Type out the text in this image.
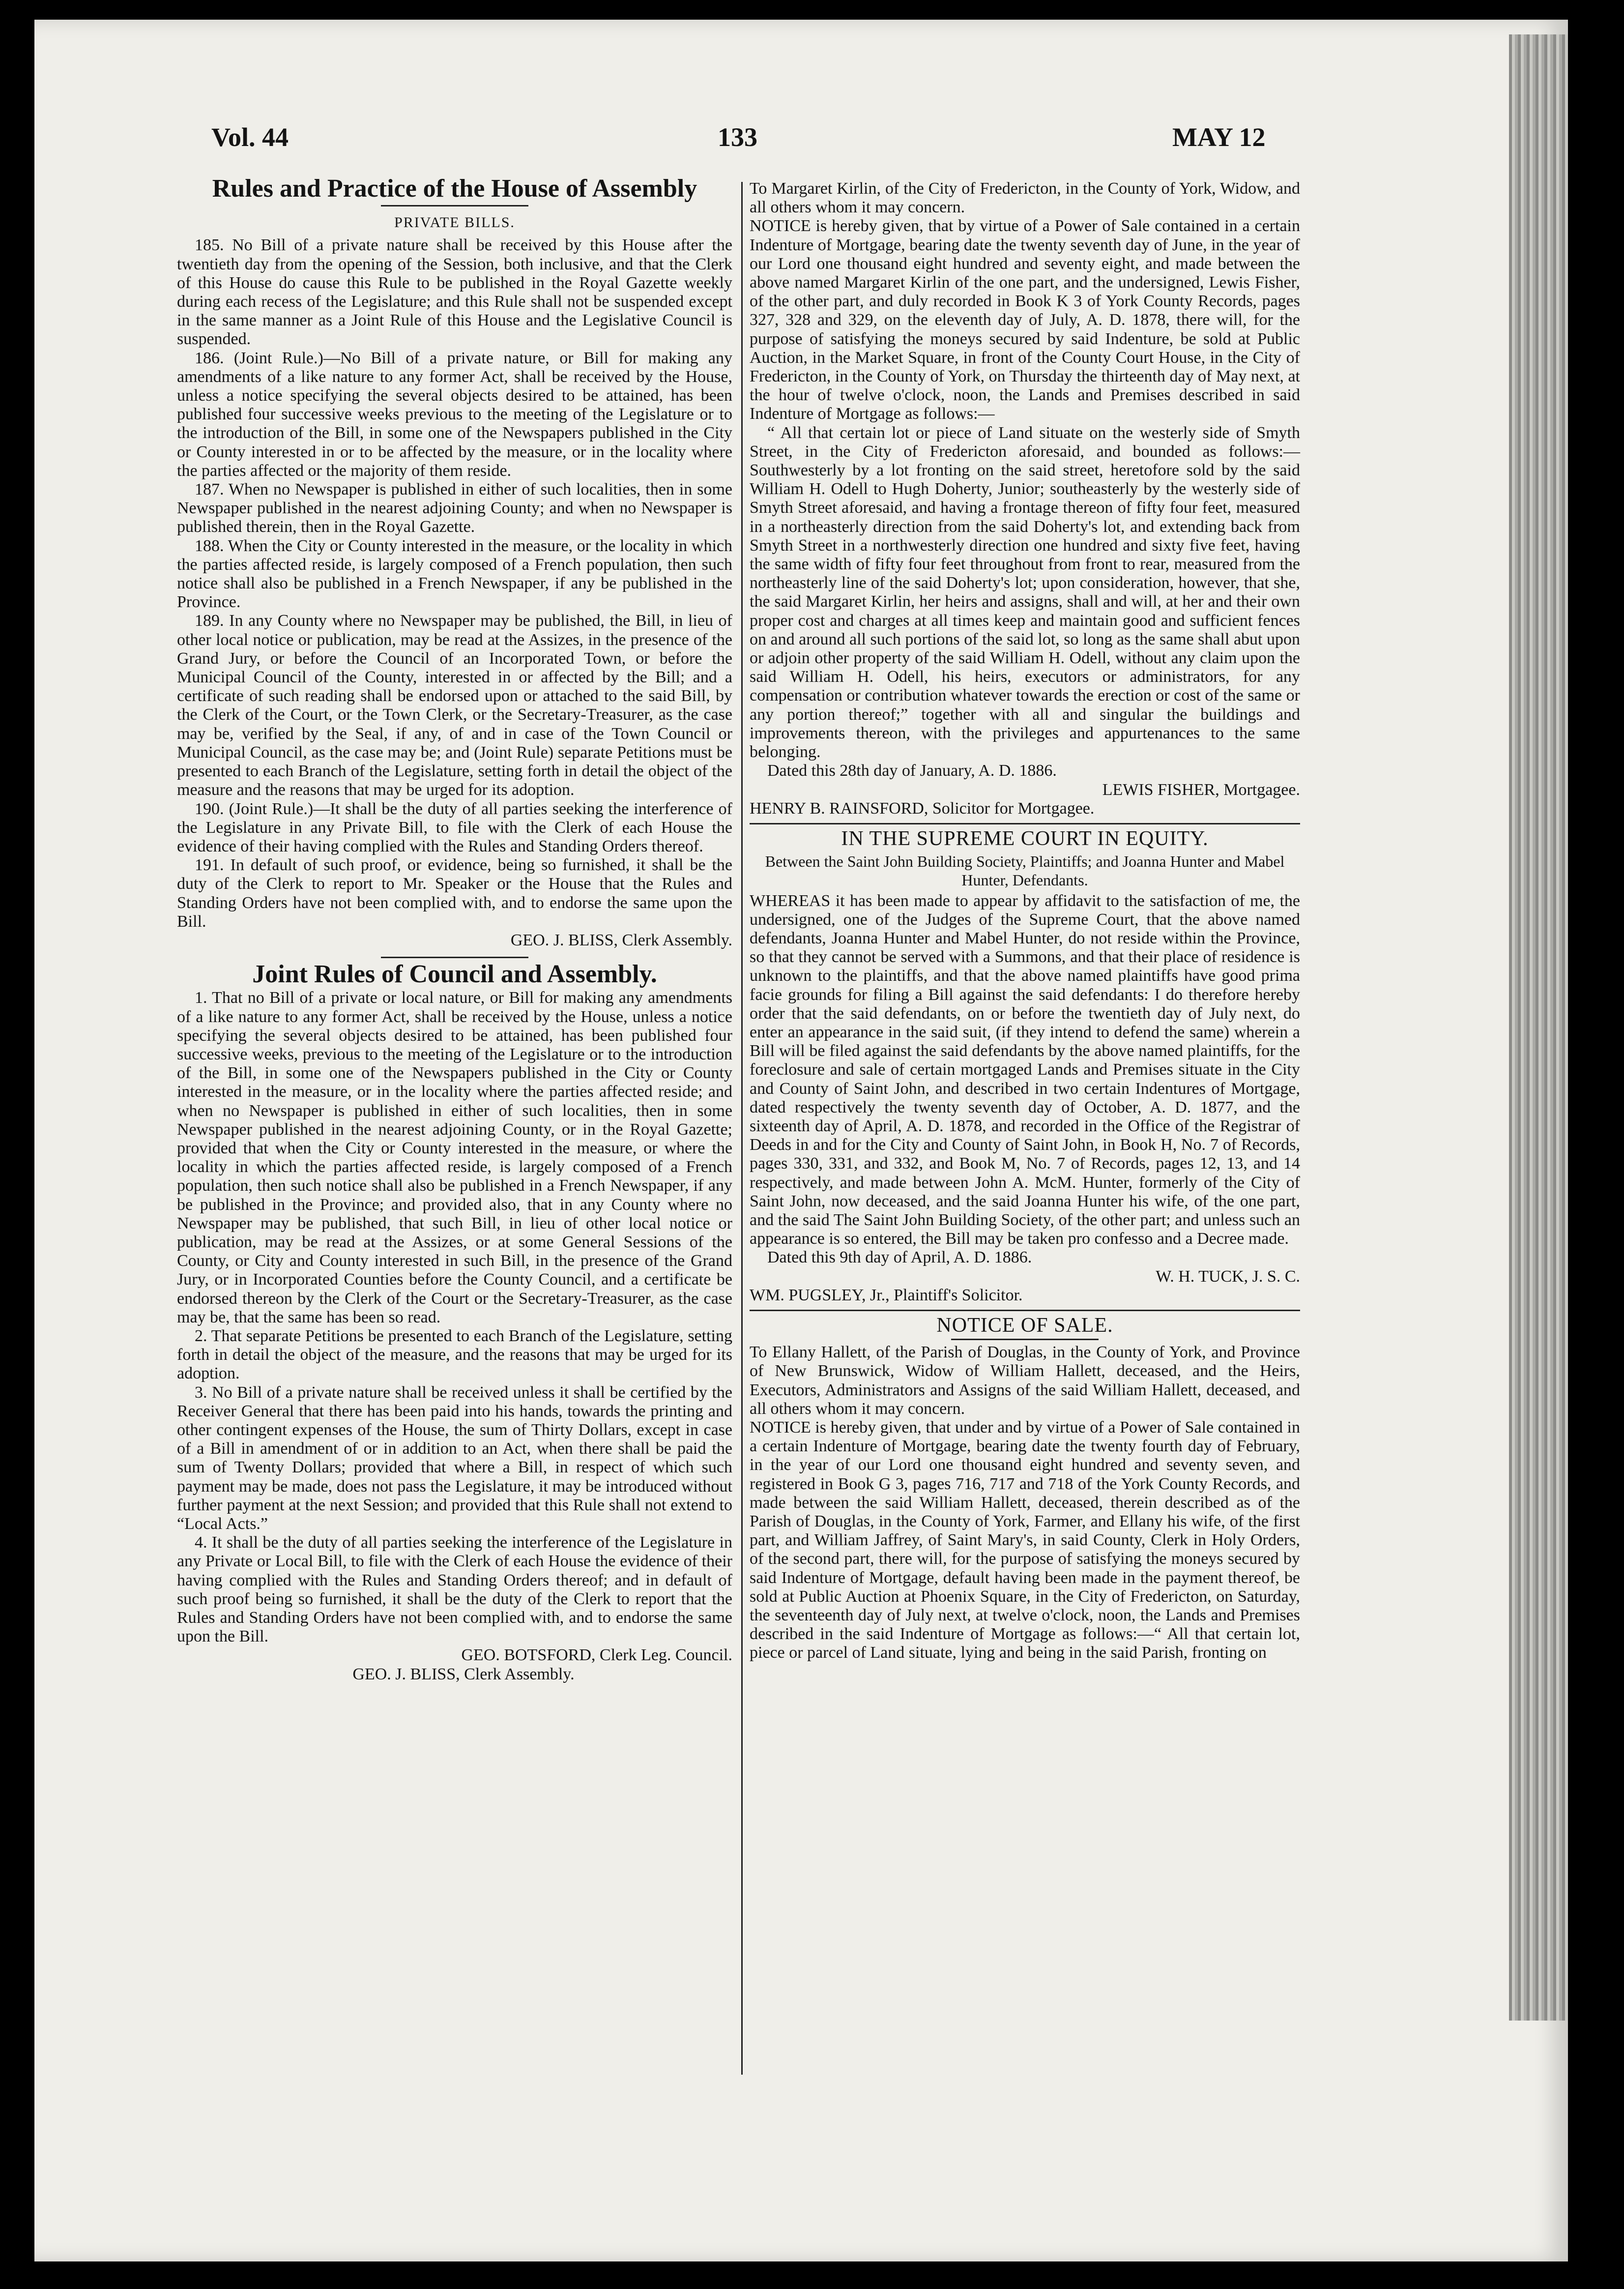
Vol. 44	133	MAY 12
Rules and Practice of the House of Assembly
PRIVATE BILLS.

185. No Bill of a private nature shall be received by this House after the twentieth day from the opening of the Session, both inclusive, and that the Clerk of this House do cause this Rule to be published in the Royal Gazette weekly during each recess of the Legislature; and this Rule shall not be suspended except in the same manner as a Joint Rule of this House and the Legislative Council is suspended.

186. (Joint Rule.)—No Bill of a private nature, or Bill for making any amendments of a like nature to any former Act, shall be received by the House, unless a notice specifying the several objects desired to be attained, has been published four successive weeks previous to the meeting of the Legislature or to the introduction of the Bill, in some one of the Newspapers published in the City or County interested in or to be affected by the measure, or in the locality where the parties affected or the majority of them reside.

187. When no Newspaper is published in either of such localities, then in some Newspaper published in the nearest adjoining County; and when no Newspaper is published therein, then in the Royal Gazette.

188. When the City or County interested in the measure, or the locality in which the parties affected reside, is largely composed of a French population, then such notice shall also be published in a French Newspaper, if any be published in the Province.

189. In any County where no Newspaper may be published, the Bill, in lieu of other local notice or publication, may be read at the Assizes, in the presence of the Grand Jury, or before the Council of an Incorporated Town, or before the Municipal Council of the County, interested in or affected by the Bill; and a certificate of such reading shall be endorsed upon or attached to the said Bill, by the Clerk of the Court, or the Town Clerk, or the Secretary-Treasurer, as the case may be, verified by the Seal, if any, of and in case of the Town Council or Municipal Council, as the case may be; and (Joint Rule) separate Petitions must be presented to each Branch of the Legislature, setting forth in detail the object of the measure and the reasons that may be urged for its adoption.

190. (Joint Rule.)—It shall be the duty of all parties seeking the interference of the Legislature in any Private Bill, to file with the Clerk of each House the evidence of their having complied with the Rules and Standing Orders thereof.

191. In default of such proof, or evidence, being so furnished, it shall be the duty of the Clerk to report to Mr. Speaker or the House that the Rules and Standing Orders have not been complied with, and to endorse the same upon the Bill.

GEO. J. BLISS, Clerk Assembly.

Joint Rules of Council and Assembly.

1. That no Bill of a private or local nature, or Bill for making any amendments of a like nature to any former Act, shall be received by the House, unless a notice specifying the several objects desired to be attained, has been published four successive weeks, previous to the meeting of the Legislature or to the introduction of the Bill, in some one of the Newspapers published in the City or County interested in the measure, or in the locality where the parties affected reside; and when no Newspaper is published in either of such localities, then in some Newspaper published in the nearest adjoining County, or in the Royal Gazette; provided that when the City or County interested in the measure, or where the locality in which the parties affected reside, is largely composed of a French population, then such notice shall also be published in a French Newspaper, if any be published in the Province; and provided also, that in any County where no Newspaper may be published, that such Bill, in lieu of other local notice or publication, may be read at the Assizes, or at some General Sessions of the County, or City and County interested in such Bill, in the presence of the Grand Jury, or in Incorporated Counties before the County Council, and a certificate be endorsed thereon by the Clerk of the Court or the Secretary-Treasurer, as the case may be, that the same has been so read.

2. That separate Petitions be presented to each Branch of the Legislature, setting forth in detail the object of the measure, and the reasons that may be urged for its adoption.

3. No Bill of a private nature shall be received unless it shall be certified by the Receiver General that there has been paid into his hands, towards the printing and other contingent expenses of the House, the sum of Thirty Dollars, except in case of a Bill in amendment of or in addition to an Act, when there shall be paid the sum of Twenty Dollars; provided that where a Bill, in respect of which such payment may be made, does not pass the Legislature, it may be introduced without further payment at the next Session; and provided that this Rule shall not extend to “Local Acts.”

4. It shall be the duty of all parties seeking the interference of the Legislature in any Private or Local Bill, to file with the Clerk of each House the evidence of their having complied with the Rules and Standing Orders thereof; and in default of such proof being so furnished, it shall be the duty of the Clerk to report that the Rules and Standing Orders have not been complied with, and to endorse the same upon the Bill.

GEO. BOTSFORD, Clerk Leg. Council.

GEO. J. BLISS, Clerk Assembly.

To Margaret Kirlin, of the City of Fredericton, in the County of York, Widow, and all others whom it may concern.

NOTICE is hereby given, that by virtue of a Power of Sale contained in a certain Indenture of Mortgage, bearing date the twenty seventh day of June, in the year of our Lord one thousand eight hundred and seventy eight, and made between the above named Margaret Kirlin of the one part, and the undersigned, Lewis Fisher, of the other part, and duly recorded in Book K 3 of York County Records, pages 327, 328 and 329, on the eleventh day of July, A. D. 1878, there will, for the purpose of satisfying the moneys secured by said Indenture, be sold at Public Auction, in the Market Square, in front of the County Court House, in the City of Fredericton, in the County of York, on Thursday the thirteenth day of May next, at the hour of twelve o'clock, noon, the Lands and Premises described in said Indenture of Mortgage as follows:—

“ All that certain lot or piece of Land situate on the westerly side of Smyth Street, in the City of Fredericton aforesaid, and bounded as follows:—Southwesterly by a lot fronting on the said street, heretofore sold by the said William H. Odell to Hugh Doherty, Junior; southeasterly by the westerly side of Smyth Street aforesaid, and having a frontage thereon of fifty four feet, measured in a northeasterly direction from the said Doherty's lot, and extending back from Smyth Street in a northwesterly direction one hundred and sixty five feet, having the same width of fifty four feet throughout from front to rear, measured from the northeasterly line of the said Doherty's lot; upon consideration, however, that she, the said Margaret Kirlin, her heirs and assigns, shall and will, at her and their own proper cost and charges at all times keep and maintain good and sufficient fences on and around all such portions of the said lot, so long as the same shall abut upon or adjoin other property of the said William H. Odell, without any claim upon the said William H. Odell, his heirs, executors or administrators, for any compensation or contribution whatever towards the erection or cost of the same or any portion thereof;” together with all and singular the buildings and improvements thereon, with the privileges and appurtenances to the same belonging.

Dated this 28th day of January, A. D. 1886.

LEWIS FISHER, Mortgagee.

HENRY B. RAINSFORD, Solicitor for Mortgagee.

IN THE SUPREME COURT IN EQUITY.
Between the Saint John Building Society, Plaintiffs; and Joanna Hunter and Mabel Hunter, Defendants.

WHEREAS it has been made to appear by affidavit to the satisfaction of me, the undersigned, one of the Judges of the Supreme Court, that the above named defendants, Joanna Hunter and Mabel Hunter, do not reside within the Province, so that they cannot be served with a Summons, and that their place of residence is unknown to the plaintiffs, and that the above named plaintiffs have good prima facie grounds for filing a Bill against the said defendants: I do therefore hereby order that the said defendants, on or before the twentieth day of July next, do enter an appearance in the said suit, (if they intend to defend the same) wherein a Bill will be filed against the said defendants by the above named plaintiffs, for the foreclosure and sale of certain mortgaged Lands and Premises situate in the City and County of Saint John, and described in two certain Indentures of Mortgage, dated respectively the twenty seventh day of October, A. D. 1877, and the sixteenth day of April, A. D. 1878, and recorded in the Office of the Registrar of Deeds in and for the City and County of Saint John, in Book H, No. 7 of Records, pages 330, 331, and 332, and Book M, No. 7 of Records, pages 12, 13, and 14 respectively, and made between John A. McM. Hunter, formerly of the City of Saint John, now deceased, and the said Joanna Hunter his wife, of the one part, and the said The Saint John Building Society, of the other part; and unless such an appearance is so entered, the Bill may be taken pro confesso and a Decree made.

Dated this 9th day of April, A. D. 1886.

W. H. TUCK, J. S. C.

WM. PUGSLEY, Jr., Plaintiff's Solicitor.

NOTICE OF SALE.

To Ellany Hallett, of the Parish of Douglas, in the County of York, and Province of New Brunswick, Widow of William Hallett, deceased, and the Heirs, Executors, Administrators and Assigns of the said William Hallett, deceased, and all others whom it may concern.

NOTICE is hereby given, that under and by virtue of a Power of Sale contained in a certain Indenture of Mortgage, bearing date the twenty fourth day of February, in the year of our Lord one thousand eight hundred and seventy seven, and registered in Book G 3, pages 716, 717 and 718 of the York County Records, and made between the said William Hallett, deceased, therein described as of the Parish of Douglas, in the County of York, Farmer, and Ellany his wife, of the first part, and William Jaffrey, of Saint Mary's, in said County, Clerk in Holy Orders, of the second part, there will, for the purpose of satisfying the moneys secured by said Indenture of Mortgage, default having been made in the payment thereof, be sold at Public Auction at Phoenix Square, in the City of Fredericton, on Saturday, the seventeenth day of July next, at twelve o'clock, noon, the Lands and Premises described in the said Indenture of Mortgage as follows:—“ All that certain lot, piece or parcel of Land situate, lying and being in the said Parish, fronting on
